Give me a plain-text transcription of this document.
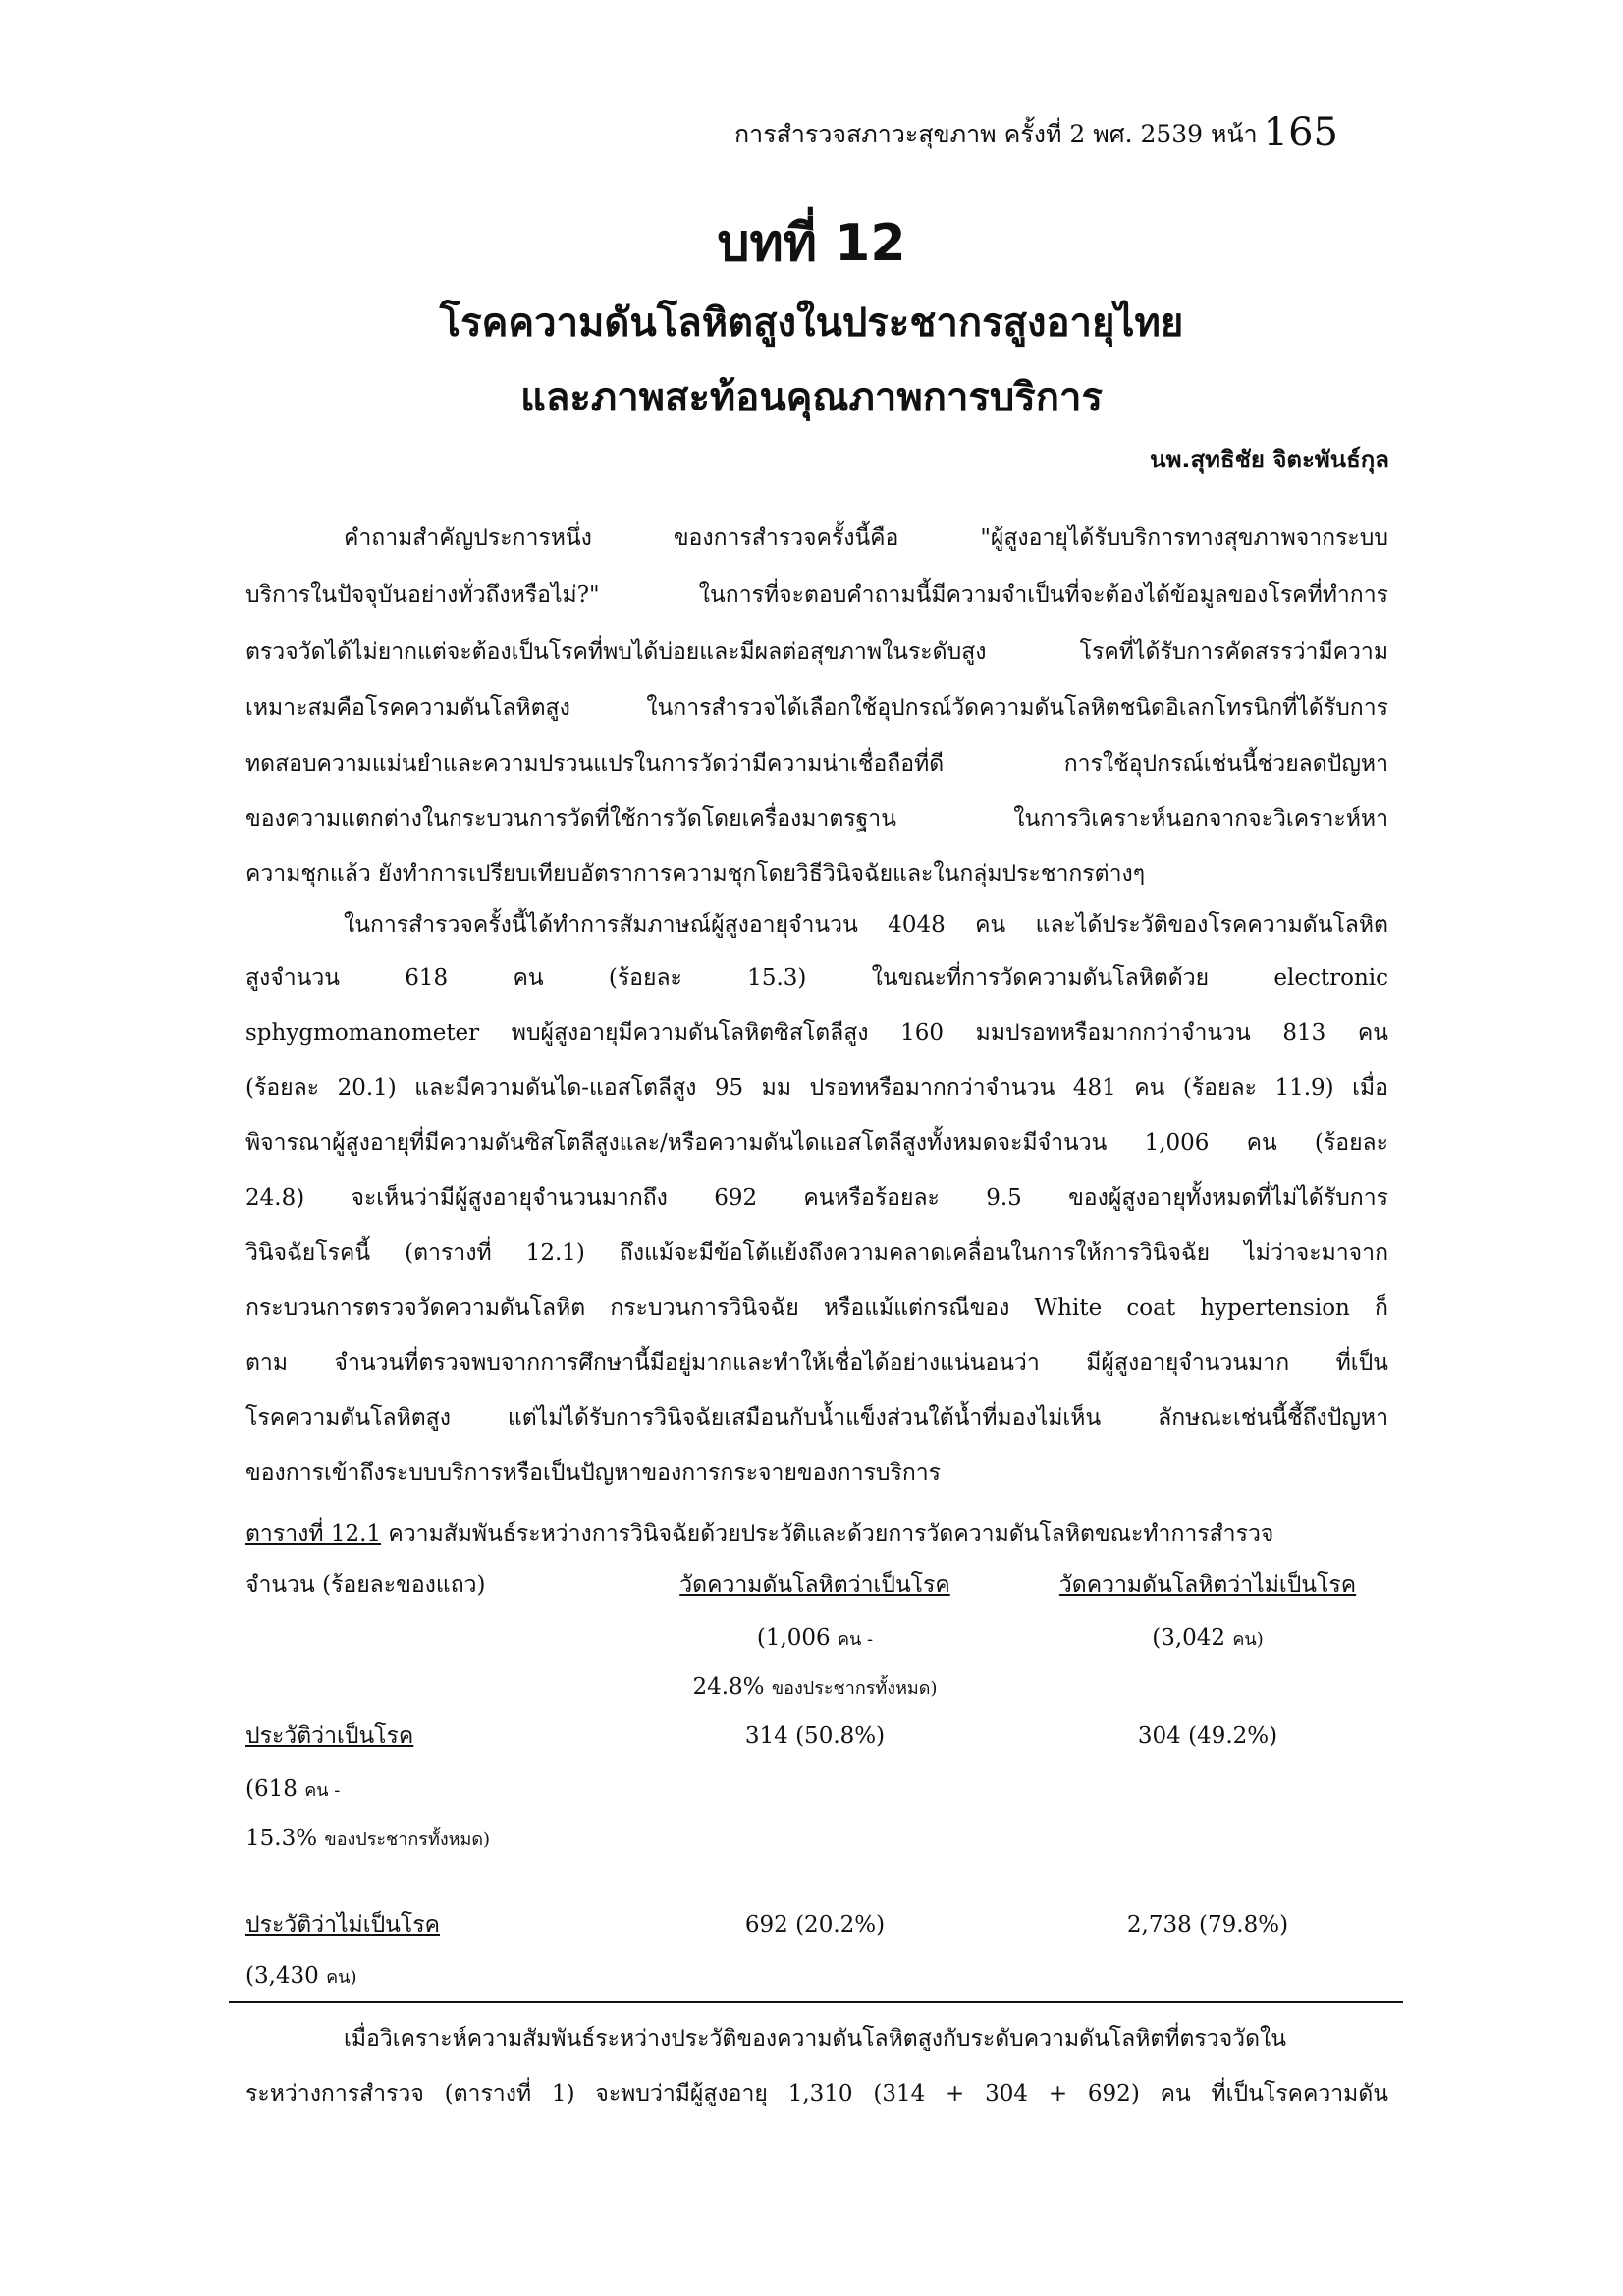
การสำรวจสภาวะสุขภาพ ครั้งที่ 2 พศ. 2539 หน้า 165
บทที่ 12
โรคความดันโลหิตสูงในประชากรสูงอายุไทย
และภาพสะท้อนคุณภาพการบริการ
นพ.สุทธิชัย จิตะพันธ์กุล
คำถามสำคัญประการหนึ่ง ของการสำรวจครั้งนี้คือ "ผู้สูงอายุได้รับบริการทางสุขภาพจากระบบ
บริการในปัจจุบันอย่างทั่วถึงหรือไม่?" ในการที่จะตอบคำถามนี้มีความจำเป็นที่จะต้องได้ข้อมูลของโรคที่ทำการ
ตรวจวัดได้ไม่ยากแต่จะต้องเป็นโรคที่พบได้บ่อยและมีผลต่อสุขภาพในระดับสูง โรคที่ได้รับการคัดสรรว่ามีความ
เหมาะสมคือโรคความดันโลหิตสูง ในการสำรวจได้เลือกใช้อุปกรณ์วัดความดันโลหิตชนิดอิเลกโทรนิกที่ได้รับการ
ทดสอบความแม่นยำและความปรวนแปรในการวัดว่ามีความน่าเชื่อถือที่ดี การใช้อุปกรณ์เช่นนี้ช่วยลดปัญหา
ของความแตกต่างในกระบวนการวัดที่ใช้การวัดโดยเครื่องมาตรฐาน ในการวิเคราะห์นอกจากจะวิเคราะห์หา
ความชุกแล้ว ยังทำการเปรียบเทียบอัตราการความชุกโดยวิธีวินิจฉัยและในกลุ่มประชากรต่างๆ
ในการสำรวจครั้งนี้ได้ทำการสัมภาษณ์ผู้สูงอายุจำนวน 4048 คน และได้ประวัติของโรคความดันโลหิต
สูงจำนวน 618 คน (ร้อยละ 15.3) ในขณะที่การวัดความดันโลหิตด้วย electronic
sphygmomanometer พบผู้สูงอายุมีความดันโลหิตซิสโตลีสูง 160 มมปรอทหรือมากกว่าจำนวน 813 คน
(ร้อยละ 20.1) และมีความดันได-แอสโตลีสูง 95 มม ปรอทหรือมากกว่าจำนวน 481 คน (ร้อยละ 11.9) เมื่อ
พิจารณาผู้สูงอายุที่มีความดันซิสโตลีสูงและ/หรือความดันไดแอสโตลีสูงทั้งหมดจะมีจำนวน 1,006 คน (ร้อยละ
24.8) จะเห็นว่ามีผู้สูงอายุจำนวนมากถึง 692 คนหรือร้อยละ 9.5 ของผู้สูงอายุทั้งหมดที่ไม่ได้รับการ
วินิจฉัยโรคนี้ (ตารางที่ 12.1) ถึงแม้จะมีข้อโต้แย้งถึงความคลาดเคลื่อนในการให้การวินิจฉัย ไม่ว่าจะมาจาก
กระบวนการตรวจวัดความดันโลหิต กระบวนการวินิจฉัย หรือแม้แต่กรณีของ White coat hypertension ก็
ตาม จำนวนที่ตรวจพบจากการศึกษานี้มีอยู่มากและทำให้เชื่อได้อย่างแน่นอนว่า มีผู้สูงอายุจำนวนมาก ที่เป็น
โรคความดันโลหิตสูง แต่ไม่ได้รับการวินิจฉัยเสมือนกับน้ำแข็งส่วนใต้น้ำที่มองไม่เห็น ลักษณะเช่นนี้ชี้ถึงปัญหา
ของการเข้าถึงระบบบริการหรือเป็นปัญหาของการกระจายของการบริการ
ตารางที่ 12.1 ความสัมพันธ์ระหว่างการวินิจฉัยด้วยประวัติและด้วยการวัดความดันโลหิตขณะทำการสำรวจ
จำนวน (ร้อยละของแถว)	วัดความดันโลหิตว่าเป็นโรค	วัดความดันโลหิตว่าไม่เป็นโรค
(1,006 คน -	(3,042 คน)
24.8% ของประชากรทั้งหมด)
ประวัติว่าเป็นโรค	314 (50.8%)	304 (49.2%)
(618 คน -
15.3% ของประชากรทั้งหมด)
ประวัติว่าไม่เป็นโรค	692 (20.2%)	2,738 (79.8%)
(3,430 คน)
เมื่อวิเคราะห์ความสัมพันธ์ระหว่างประวัติของความดันโลหิตสูงกับระดับความดันโลหิตที่ตรวจวัดใน
ระหว่างการสำรวจ (ตารางที่ 1) จะพบว่ามีผู้สูงอายุ 1,310 (314 + 304 + 692) คน ที่เป็นโรคความดัน
